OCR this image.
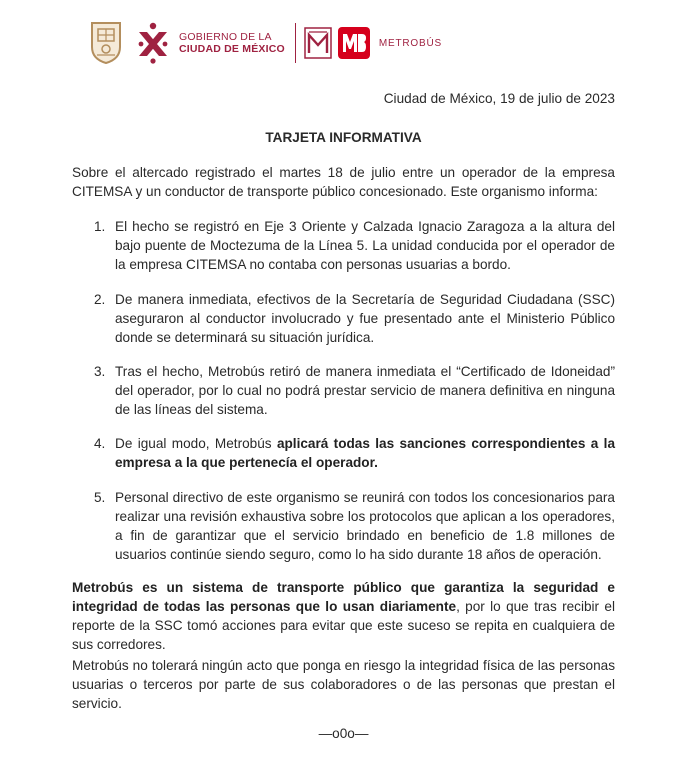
GOBIERNO DE LA
CIUDAD DE MÉXICO	METROBÚS
Ciudad de México, 19 de julio de 2023
TARJETA INFORMATIVA
Sobre el altercado registrado el martes 18 de julio entre un operador de la empresa CITEMSA y un conductor de transporte público concesionado. Este organismo informa:
1. El hecho se registró en Eje 3 Oriente y Calzada Ignacio Zaragoza a la altura del bajo puente de Moctezuma de la Línea 5. La unidad conducida por el operador de la empresa CITEMSA no contaba con personas usuarias a bordo.
2. De manera inmediata, efectivos de la Secretaría de Seguridad Ciudadana (SSC) aseguraron al conductor involucrado y fue presentado ante el Ministerio Público donde se determinará su situación jurídica.
3. Tras el hecho, Metrobús retiró de manera inmediata el “Certificado de Idoneidad” del operador, por lo cual no podrá prestar servicio de manera definitiva en ninguna de las líneas del sistema.
4. De igual modo, Metrobús aplicará todas las sanciones correspondientes a la empresa a la que pertenecía el operador.
5. Personal directivo de este organismo se reunirá con todos los concesionarios para realizar una revisión exhaustiva sobre los protocolos que aplican a los operadores, a fin de garantizar que el servicio brindado en beneficio de 1.8 millones de usuarios continúe siendo seguro, como lo ha sido durante 18 años de operación.
Metrobús es un sistema de transporte público que garantiza la seguridad e integridad de todas las personas que lo usan diariamente, por lo que tras recibir el reporte de la SSC tomó acciones para evitar que este suceso se repita en cualquiera de sus corredores.
Metrobús no tolerará ningún acto que ponga en riesgo la integridad física de las personas usuarias o terceros por parte de sus colaboradores o de las personas que prestan el servicio.
—o0o—
